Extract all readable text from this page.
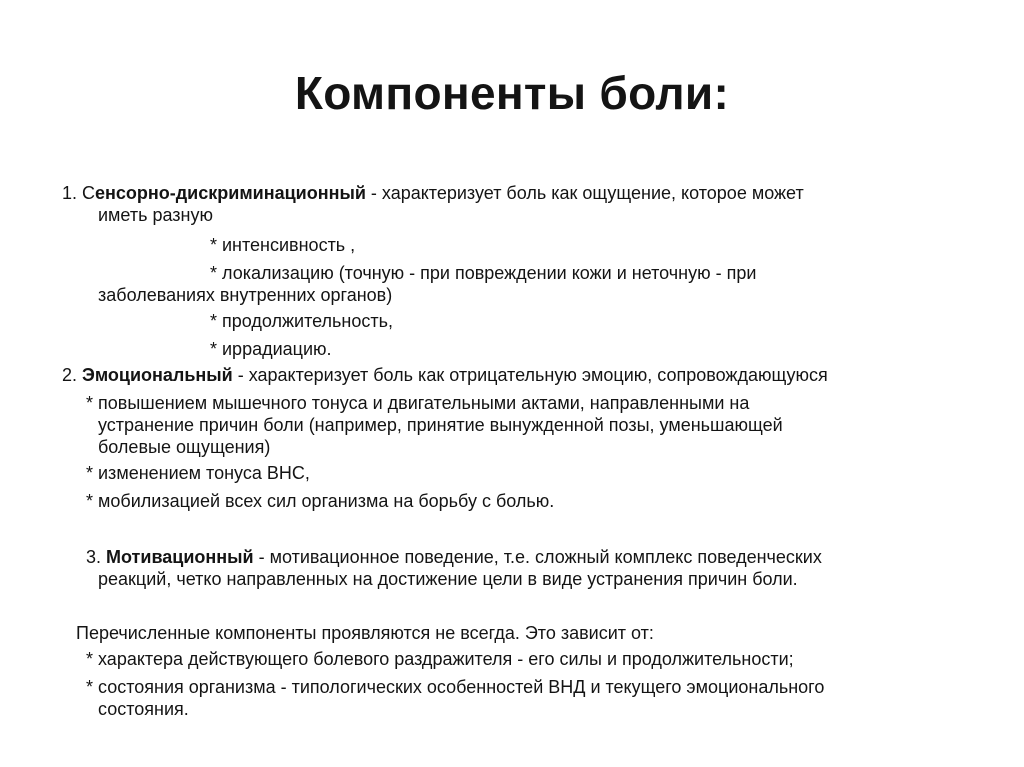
Компоненты боли:

1. Сенсорно-дискриминационный - характеризует боль как ощущение, которое может

иметь разную

* интенсивность ,

* локализацию (точную - при повреждении кожи и неточную - при

заболеваниях внутренних органов)

* продолжительность,

* иррадиацию.

2. Эмоциональный - характеризует боль как отрицательную эмоцию, сопровождающуюся

* повышением мышечного тонуса и двигательными актами, направленными на

устранение причин боли (например, принятие вынужденной позы, уменьшающей

болевые ощущения)

* изменением тонуса ВНС,

* мобилизацией всех сил организма на борьбу с болью.

3. Мотивационный - мотивационное поведение, т.е. сложный комплекс поведенческих

реакций, четко направленных на достижение цели в виде устранения причин боли.

Перечисленные компоненты проявляются не всегда. Это зависит от:

* характера действующего болевого раздражителя - его силы и продолжительности;

* состояния организма - типологических особенностей ВНД и текущего эмоционального

состояния.
